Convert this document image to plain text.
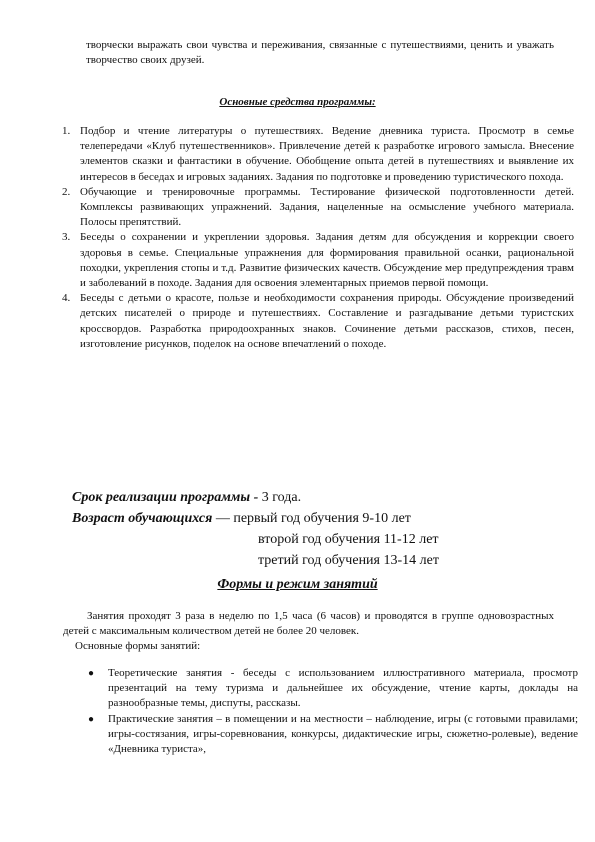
творчески выражать свои чувства и переживания, связанные с путешествиями, ценить и уважать творчество своих друзей.
Основные средства программы:
1. Подбор и чтение литературы о путешествиях. Ведение дневника туриста. Просмотр в семье телепередачи «Клуб путешественников». Привлечение детей к разработке игрового замысла. Внесение элементов сказки и фантастики в обучение. Обобщение опыта детей в путешествиях и выявление их интересов в беседах и игровых заданиях. Задания по подготовке и проведению туристического похода.
2. Обучающие и тренировочные программы. Тестирование физической подготовленности детей. Комплексы развивающих упражнений. Задания, нацеленные на осмысление учебного материала. Полосы препятствий.
3. Беседы о сохранении и укреплении здоровья. Задания детям для обсуждения и коррекции своего здоровья в семье. Специальные упражнения для формирования правильной осанки, рациональной походки, укрепления стопы и т.д. Развитие физических качеств. Обсуждение мер предупреждения травм и заболеваний в походе. Задания для освоения элементарных приемов первой помощи.
4. Беседы с детьми о красоте, пользе и необходимости сохранения природы. Обсуждение произведений детских писателей о природе и путешествиях. Составление и разгадывание детьми туристских кроссвордов. Разработка природоохранных знаков. Сочинение детьми рассказов, стихов, песен, изготовление рисунков, поделок на основе впечатлений о походе.
Срок реализации программы - 3 года.
Возраст обучающихся — первый год обучения 9-10 лет
второй год обучения 11-12 лет
третий год обучения 13-14 лет
Формы и режим занятий
Занятия проходят 3 раза в неделю по 1,5 часа (6 часов) и проводятся в группе одновозрастных детей с максимальным количеством детей не более 20 человек.
Основные формы занятий:
● Теоретические занятия - беседы с использованием иллюстративного материала, просмотр презентаций на тему туризма и дальнейшее их обсуждение, чтение карты, доклады на разнообразные темы, диспуты, рассказы.
● Практические занятия – в помещении и на местности – наблюдение, игры (с готовыми правилами; игры-состязания, игры-соревнования, конкурсы, дидактические игры, сюжетно-ролевые), ведение «Дневника туриста»,
